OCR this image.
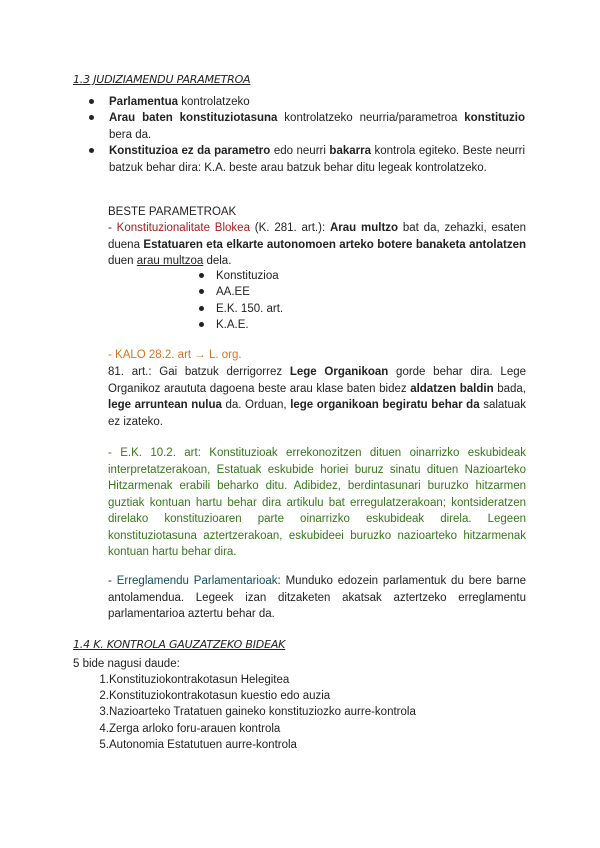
1.3 JUDIZIAMENDU PARAMETROA
Parlamentua kontrolatzeko
Arau baten konstituziotasuna kontrolatzeko neurria/parametroa konstituzio bera da.
Konstituzioa ez da parametro edo neurri bakarra kontrola egiteko. Beste neurri batzuk behar dira: K.A. beste arau batzuk behar ditu legeak kontrolatzeko.
BESTE PARAMETROAK
- Konstituzionalitate Blokea (K. 281. art.): Arau multzo bat da, zehazki, esaten duena Estatuaren eta elkarte autonomoen arteko botere banaketa antolatzen duen arau multzoa dela.
Konstituzioa
AA.EE
E.K. 150. art.
K.A.E.
- KALO 28.2. art → L. org.
81. art.: Gai batzuk derrigorrez Lege Organikoan gorde behar dira. Lege Organikoz araututa dagoena beste arau klase baten bidez aldatzen baldin bada, lege arruntean nulua da. Orduan, lege organikoan begiratu behar da salatuak ez izateko.
- E.K. 10.2. art: Konstituzioak errekonozitzen dituen oinarrizko eskubideak interpretatzerakoan, Estatuak eskubide horiei buruz sinatu dituen Nazioarteko Hitzarmenak erabili beharko ditu. Adibidez, berdintasunari buruzko hitzarmen guztiak kontuan hartu behar dira artikulu bat erregulatzerakoan; kontsideratzen direlako konstituzioaren parte oinarrizko eskubideak direla. Legeen konstituziotasuna aztertzerakoan, eskubideei buruzko nazioarteko hitzarmenak kontuan hartu behar dira.
- Erreglamendu Parlamentarioak: Munduko edozein parlamentuk du bere barne antolamendua. Legeek izan ditzaketen akatsak aztertzeko erreglamentu parlamentarioa aztertu behar da.
1.4 K. KONTROLA GAUZATZEKO BIDEAK
5 bide nagusi daude:
1. Konstituziokontrakotasun Helegitea
2. Konstituziokontrakotasun kuestio edo auzia
3. Nazioarteko Tratatuen gaineko konstituziozko aurre-kontrola
4. Zerga arloko foru-arauen kontrola
5. Autonomia Estatutuen aurre-kontrola
